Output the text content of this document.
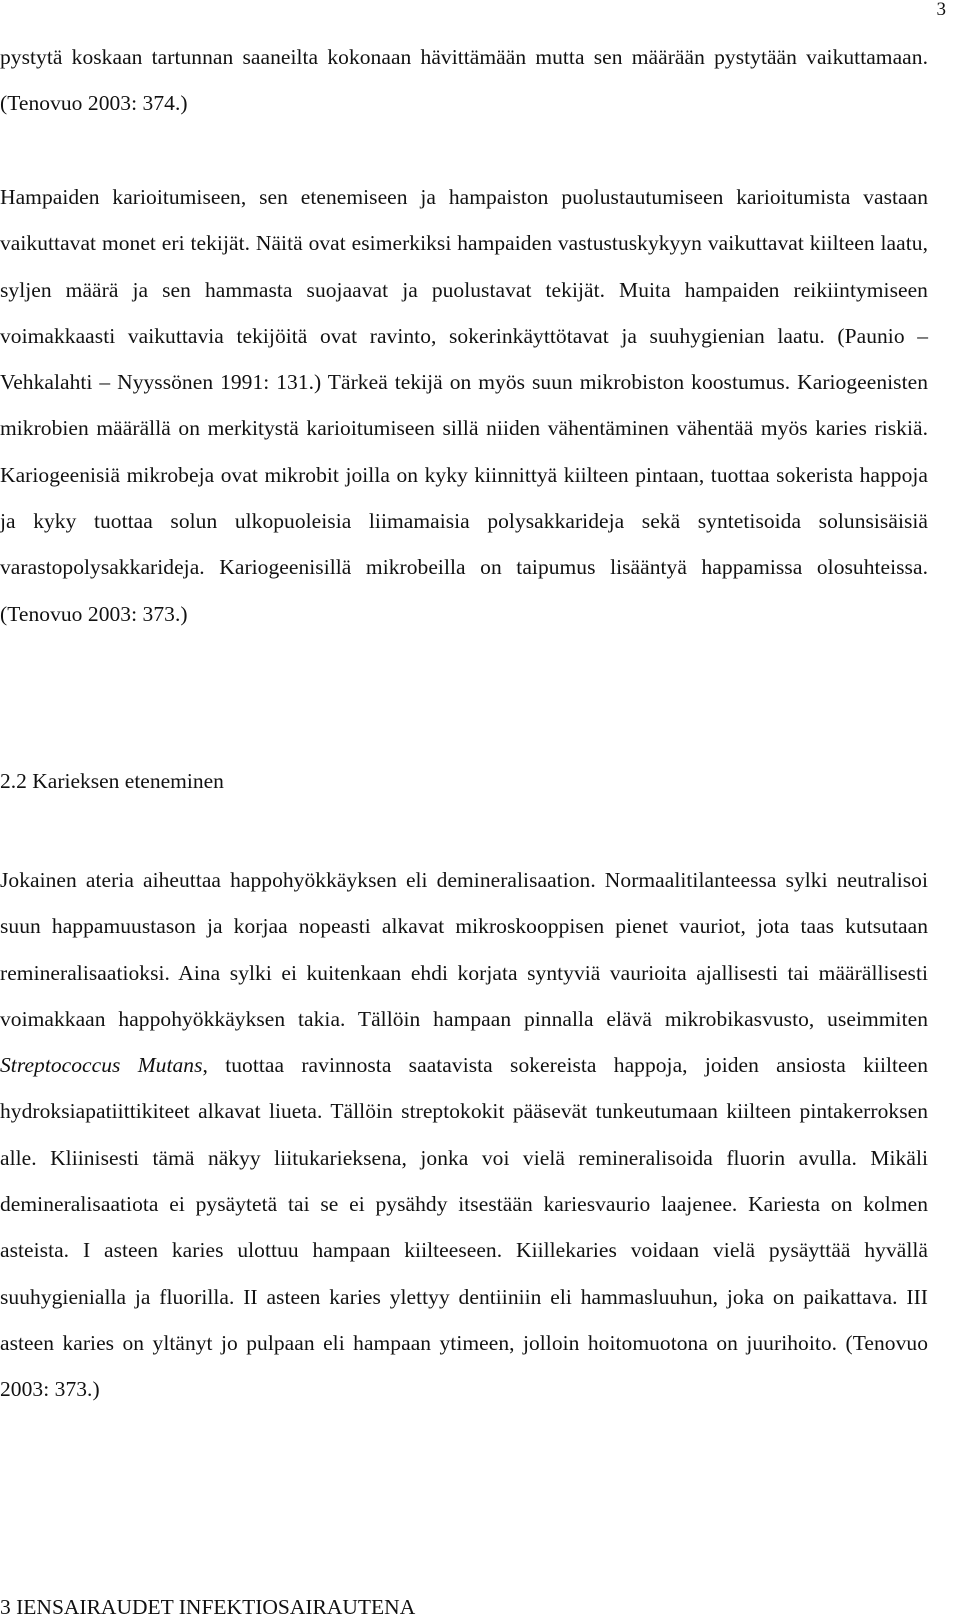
3

pystytä koskaan tartunnan saaneilta kokonaan hävittämään mutta sen määrään pystytään vaikuttamaan. (Tenovuo 2003: 374.)

Hampaiden karioitumiseen, sen etenemiseen ja hampaiston puolustautumiseen karioitumista vastaan vaikuttavat monet eri tekijät. Näitä ovat esimerkiksi hampaiden vastustuskykyyn vaikuttavat kiilteen laatu, syljen määrä ja sen hammasta suojaavat ja puolustavat tekijät. Muita hampaiden reikiintymiseen voimakkaasti vaikuttavia tekijöitä ovat ravinto, sokerinkäyttötavat ja suuhygienian laatu. (Paunio – Vehkalahti – Nyyssönen 1991: 131.) Tärkeä tekijä on myös suun mikrobiston koostumus. Kariogeenisten mikrobien määrällä on merkitystä karioitumiseen sillä niiden vähentäminen vähentää myös karies riskiä. Kariogeenisiä mikrobeja ovat mikrobit joilla on kyky kiinnittyä kiilteen pintaan, tuottaa sokerista happoja ja kyky tuottaa solun ulkopuoleisia liimamaisia polysakkarideja sekä syntetisoida solunsisäisiä varastopolysakkarideja. Kariogeenisillä mikrobeilla on taipumus lisääntyä happamissa olosuhteissa. (Tenovuo 2003: 373.)

2.2 Karieksen eteneminen

Jokainen ateria aiheuttaa happohyökkäyksen eli demineralisaation. Normaalitilanteessa sylki neutralisoi suun happamuustason ja korjaa nopeasti alkavat mikroskooppisen pienet vauriot, jota taas kutsutaan remineralisaatioksi. Aina sylki ei kuitenkaan ehdi korjata syntyviä vaurioita ajallisesti tai määrällisesti voimakkaan happohyökkäyksen takia. Tällöin hampaan pinnalla elävä mikrobikasvusto, useimmiten Streptococcus Mutans, tuottaa ravinnosta saatavista sokereista happoja, joiden ansiosta kiilteen hydroksiapatiittikiteet alkavat liueta. Tällöin streptokokit pääsevät tunkeutumaan kiilteen pintakerroksen alle. Kliinisesti tämä näkyy liitukarieksena, jonka voi vielä remineralisoida fluorin avulla. Mikäli demineralisaatiota ei pysäytetä tai se ei pysähdy itsestään kariesvaurio laajenee. Kariesta on kolmen asteista. I asteen karies ulottuu hampaan kiilteeseen. Kiillekaries voidaan vielä pysäyttää hyvällä suuhygienialla ja fluorilla. II asteen karies ylettyy dentiiniin eli hammasluuhun, joka on paikattava. III asteen karies on yltänyt jo pulpaan eli hampaan ytimeen, jolloin hoitomuotona on juurihoito. (Tenovuo 2003: 373.)

3 IENSAIRAUDET INFEKTIOSAIRAUTENA
